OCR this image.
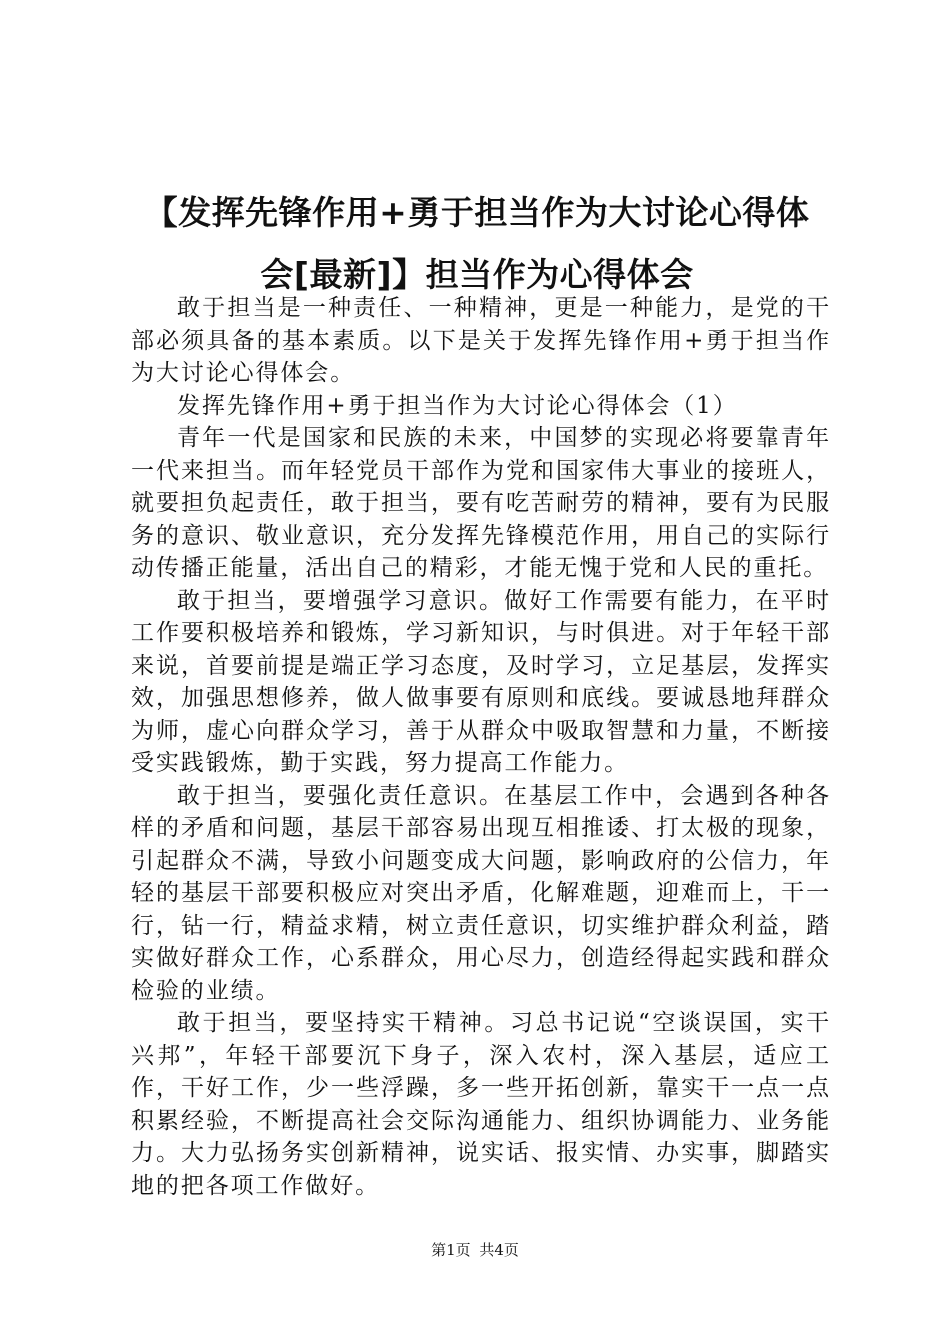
【发挥先锋作用+勇于担当作为大讨论心得体
会[最新]】担当作为心得体会

敢于担当是一种责任、一种精神，更是一种能力，是党的干部必须具备的基本素质。以下是关于发挥先锋作用+勇于担当作为大讨论心得体会。

发挥先锋作用+勇于担当作为大讨论心得体会（1）

青年一代是国家和民族的未来，中国梦的实现必将要靠青年一代来担当。而年轻党员干部作为党和国家伟大事业的接班人，就要担负起责任，敢于担当，要有吃苦耐劳的精神，要有为民服务的意识、敬业意识，充分发挥先锋模范作用，用自己的实际行动传播正能量，活出自己的精彩，才能无愧于党和人民的重托。

敢于担当，要增强学习意识。做好工作需要有能力，在平时工作要积极培养和锻炼，学习新知识，与时俱进。对于年轻干部来说，首要前提是端正学习态度，及时学习，立足基层，发挥实效，加强思想修养，做人做事要有原则和底线。要诚恳地拜群众为师，虚心向群众学习，善于从群众中吸取智慧和力量，不断接受实践锻炼，勤于实践，努力提高工作能力。

敢于担当，要强化责任意识。在基层工作中，会遇到各种各样的矛盾和问题，基层干部容易出现互相推诿、打太极的现象，引起群众不满，导致小问题变成大问题，影响政府的公信力，年轻的基层干部要积极应对突出矛盾，化解难题，迎难而上，干一行，钻一行，精益求精，树立责任意识，切实维护群众利益，踏实做好群众工作，心系群众，用心尽力，创造经得起实践和群众检验的业绩。

敢于担当，要坚持实干精神。习总书记说“空谈误国，实干兴邦”，年轻干部要沉下身子，深入农村，深入基层，适应工作，干好工作，少一些浮躁，多一些开拓创新，靠实干一点一点积累经验，不断提高社会交际沟通能力、组织协调能力、业务能力。大力弘扬务实创新精神，说实话、报实情、办实事，脚踏实地的把各项工作做好。

第1页 共4页
